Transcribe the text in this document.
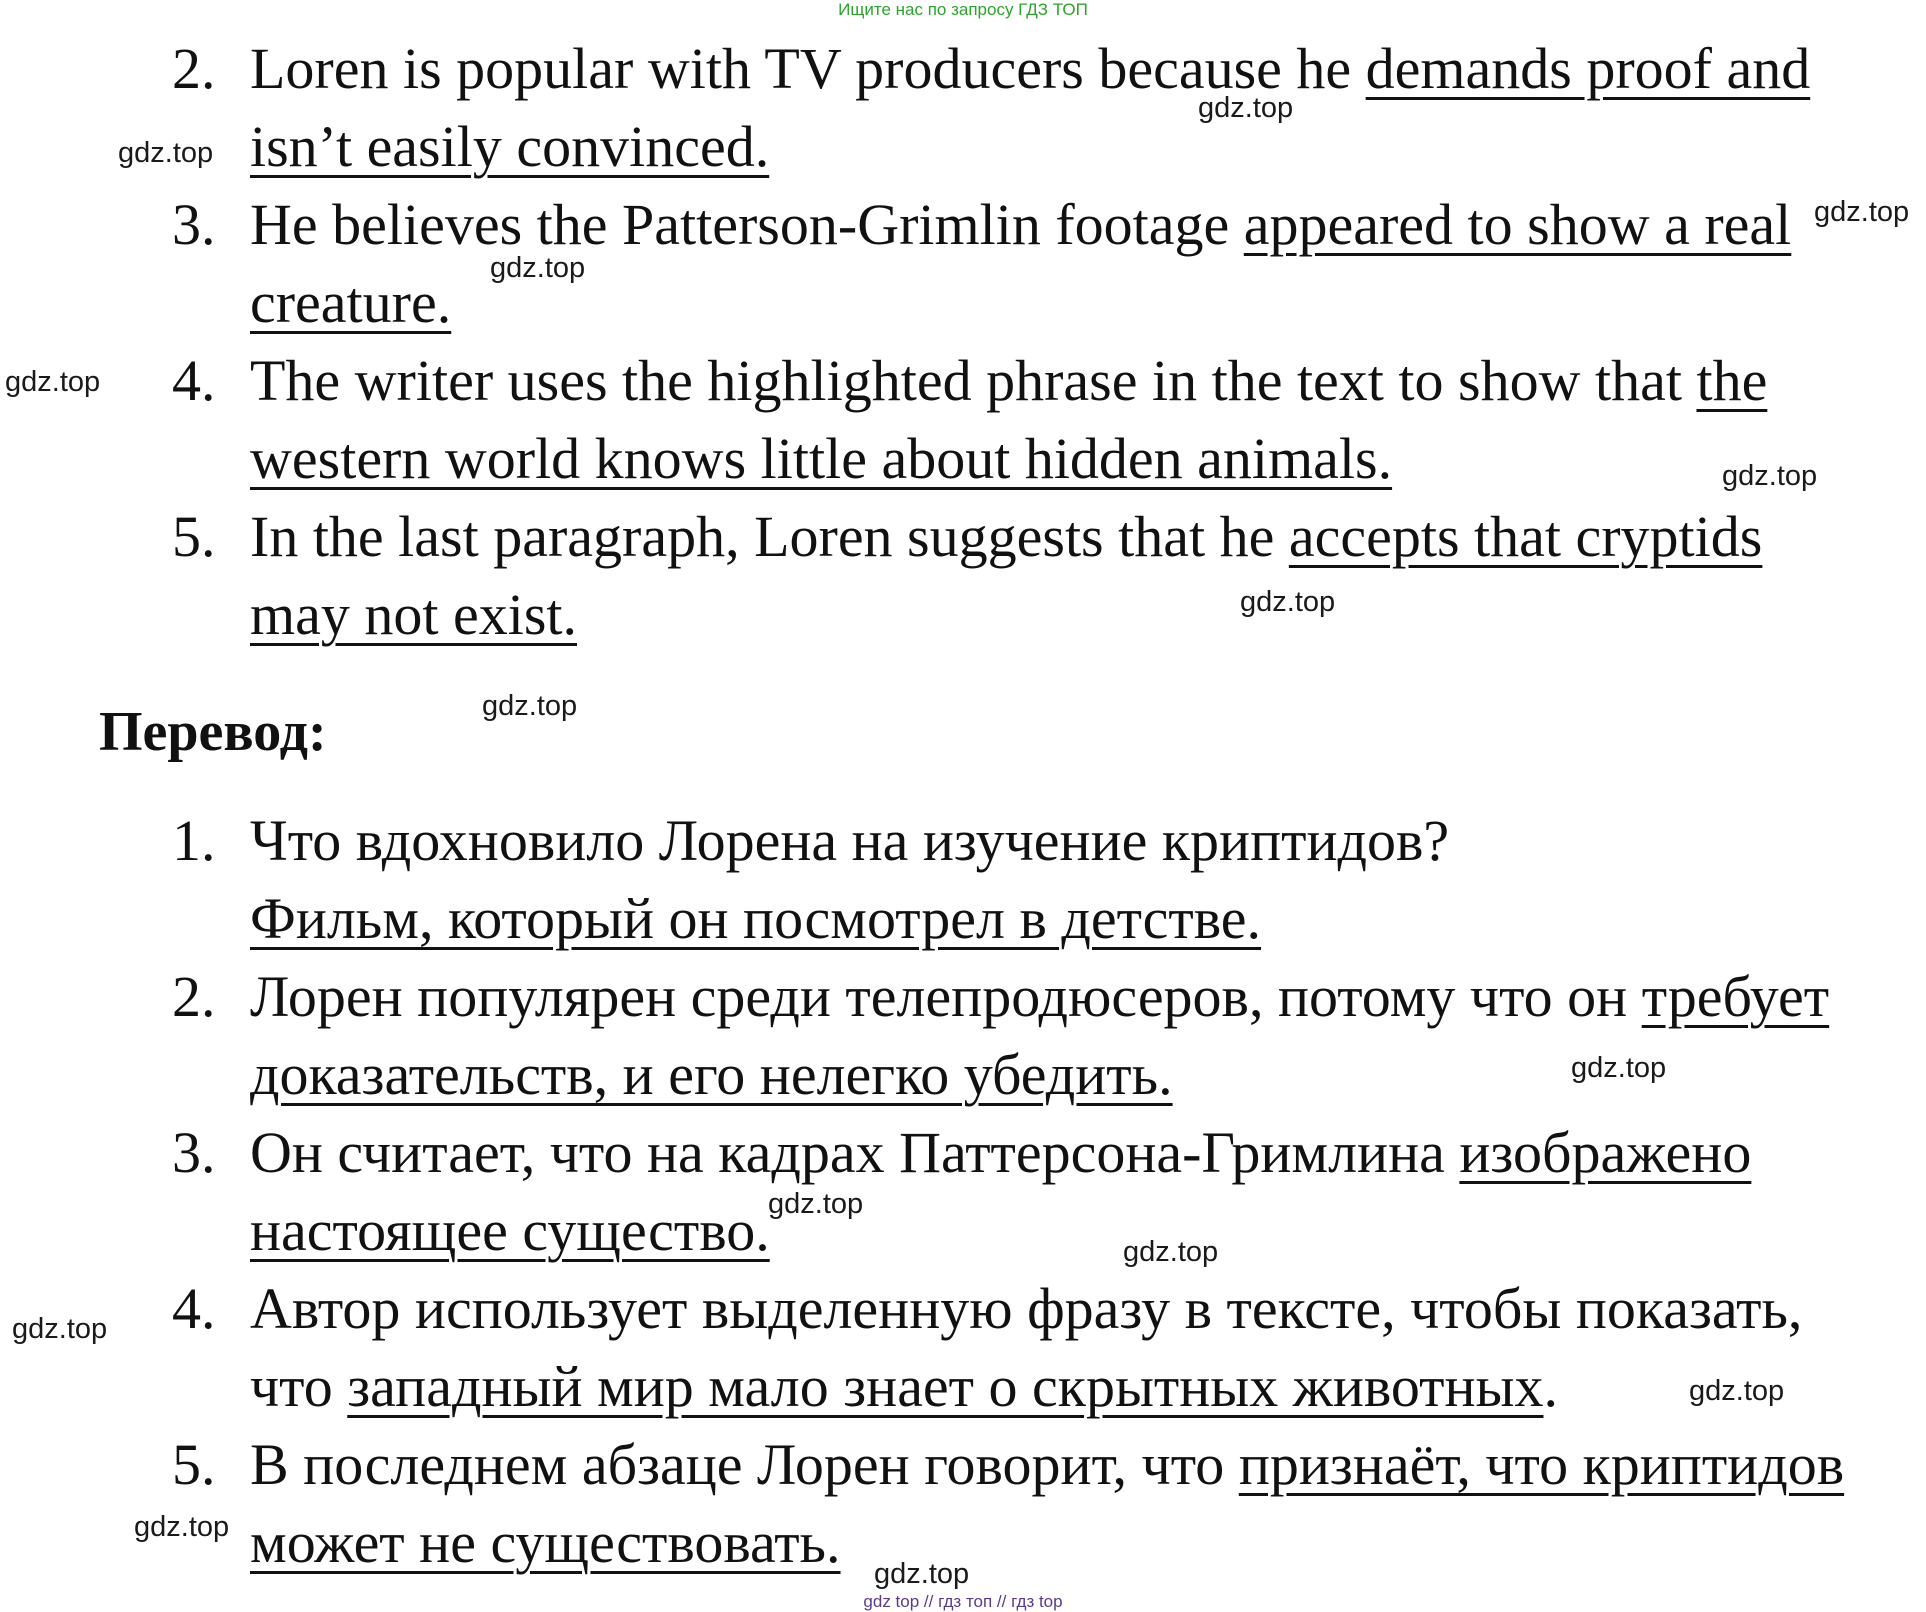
Ищите нас по запросу ГДЗ ТОП
2. Loren is popular with TV producers because he demands proof and
isn’t easily convinced.
3. He believes the Patterson-Grimlin footage appeared to show a real
creature.
4. The writer uses the highlighted phrase in the text to show that the
western world knows little about hidden animals.
5. In the last paragraph, Loren suggests that he accepts that cryptids
may not exist.
Перевод:
1. Что вдохновило Лорена на изучение криптидов?
Фильм, который он посмотрел в детстве.
2. Лорен популярен среди телепродюсеров, потому что он требует
доказательств, и его нелегко убедить.
3. Он считает, что на кадрах Паттерсона-Гримлина изображено
настоящее существо.
4. Автор использует выделенную фразу в тексте, чтобы показать,
что западный мир мало знает о скрытных животных.
5. В последнем абзаце Лорен говорит, что признаёт, что криптидов
может не существовать.
gdz.top
gdz.top
gdz.top
gdz.top
gdz.top
gdz.top
gdz.top
gdz.top
gdz.top
gdz.top
gdz.top
gdz.top
gdz.top
gdz.top
gdz.top
gdz top // гдз топ // гдз top
